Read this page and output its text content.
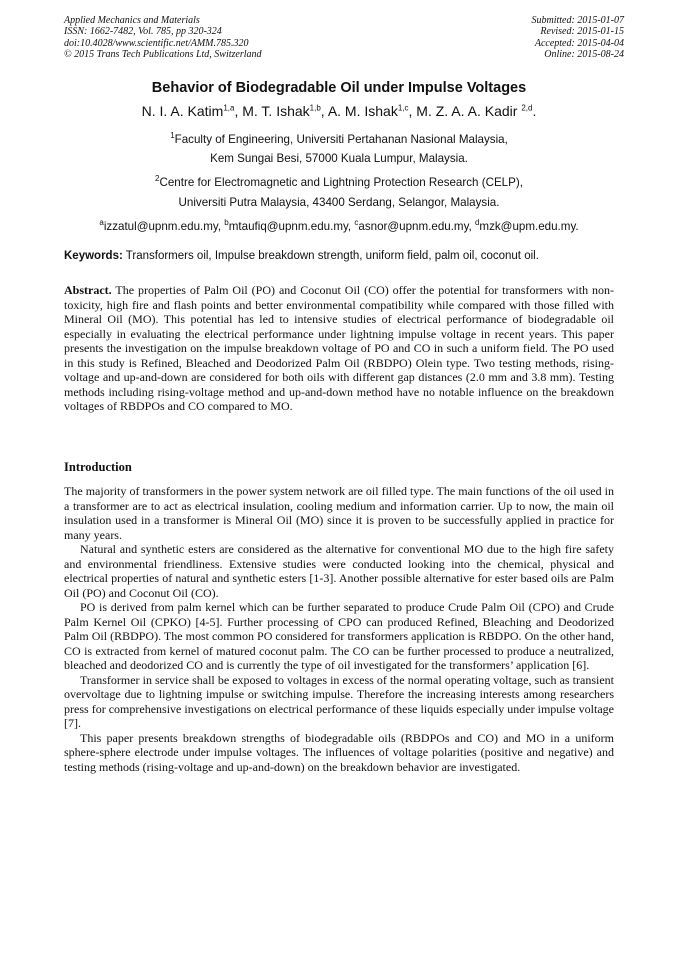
Applied Mechanics and Materials
ISSN: 1662-7482, Vol. 785, pp 320-324
doi:10.4028/www.scientific.net/AMM.785.320
© 2015 Trans Tech Publications Ltd, Switzerland
Submitted: 2015-01-07
Revised: 2015-01-15
Accepted: 2015-04-04
Online: 2015-08-24
Behavior of Biodegradable Oil under Impulse Voltages
N. I. A. Katim$^{1,a}$, M. T. Ishak$^{1,b}$, A. M. Ishak$^{1,c}$, M. Z. A. A. Kadir $^{2,d}$.
$^1$Faculty of Engineering, Universiti Pertahanan Nasional Malaysia,
Kem Sungai Besi, 57000 Kuala Lumpur, Malaysia.
$^2$Centre for Electromagnetic and Lightning Protection Research (CELP),
Universiti Putra Malaysia, 43400 Serdang, Selangor, Malaysia.
$^a$izzatul@upnm.edu.my, $^b$mtaufiq@upnm.edu.my, $^c$asnor@upnm.edu.my, $^d$mzk@upm.edu.my.
Keywords: Transformers oil, Impulse breakdown strength, uniform field, palm oil, coconut oil.

Abstract. The properties of Palm Oil (PO) and Coconut Oil (CO) offer the potential for transformers with non-toxicity, high fire and flash points and better environmental compatibility while compared with those filled with Mineral Oil (MO). This potential has led to intensive studies of electrical performance of biodegradable oil especially in evaluating the electrical performance under lightning impulse voltage in recent years. This paper presents the investigation on the impulse breakdown voltage of PO and CO in such a uniform field. The PO used in this study is Refined, Bleached and Deodorized Palm Oil (RBDPO) Olein type. Two testing methods, rising-voltage and up-and-down are considered for both oils with different gap distances (2.0 mm and 3.8 mm). Testing methods including rising-voltage method and up-and-down method have no notable influence on the breakdown voltages of RBDPOs and CO compared to MO.

Introduction

The majority of transformers in the power system network are oil filled type. The main functions of the oil used in a transformer are to act as electrical insulation, cooling medium and information carrier. Up to now, the main oil insulation used in a transformer is Mineral Oil (MO) since it is proven to be successfully applied in practice for many years.

Natural and synthetic esters are considered as the alternative for conventional MO due to the high fire safety and environmental friendliness. Extensive studies were conducted looking into the chemical, physical and electrical properties of natural and synthetic esters [1-3]. Another possible alternative for ester based oils are Palm Oil (PO) and Coconut Oil (CO).

PO is derived from palm kernel which can be further separated to produce Crude Palm Oil (CPO) and Crude Palm Kernel Oil (CPKO) [4-5]. Further processing of CPO can produced Refined, Bleaching and Deodorized Palm Oil (RBDPO). The most common PO considered for transformers application is RBDPO. On the other hand, CO is extracted from kernel of matured coconut palm. The CO can be further processed to produce a neutralized, bleached and deodorized CO and is currently the type of oil investigated for the transformers’ application [6].

Transformer in service shall be exposed to voltages in excess of the normal operating voltage, such as transient overvoltage due to lightning impulse or switching impulse. Therefore the increasing interests among researchers press for comprehensive investigations on electrical performance of these liquids especially under impulse voltage [7].

This paper presents breakdown strengths of biodegradable oils (RBDPOs and CO) and MO in a uniform sphere-sphere electrode under impulse voltages. The influences of voltage polarities (positive and negative) and testing methods (rising-voltage and up-and-down) on the breakdown behavior are investigated.
